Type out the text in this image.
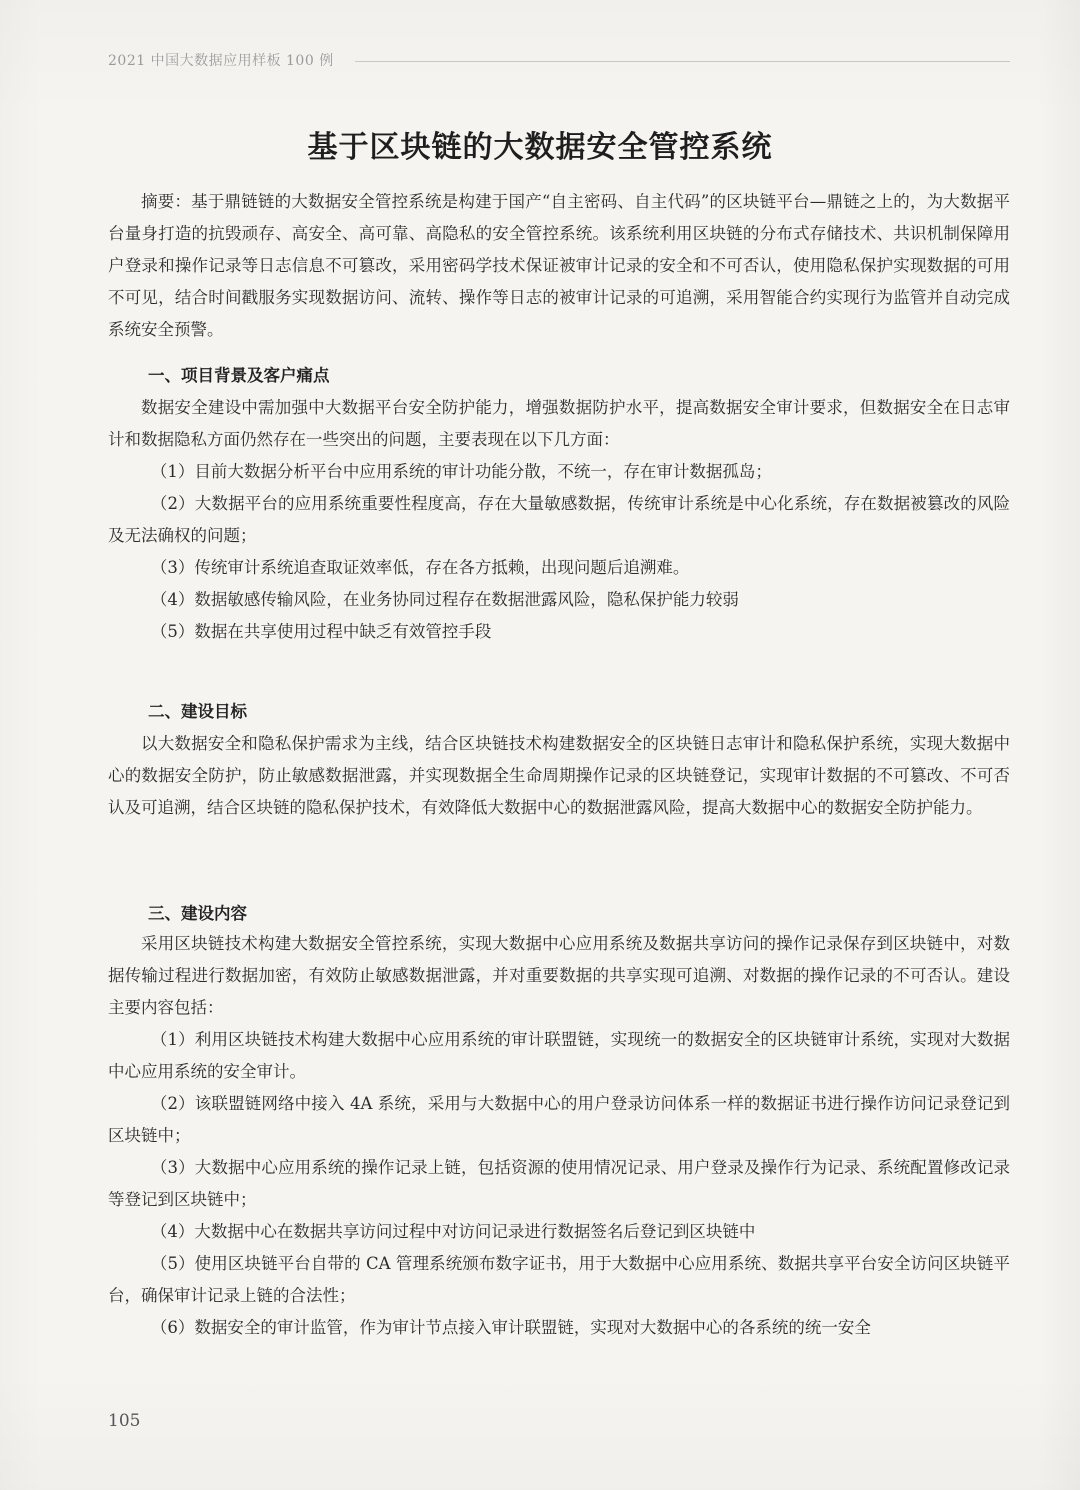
2021 中国大数据应用样板 100 例
基于区块链的大数据安全管控系统

摘要：基于鼎链链的大数据安全管控系统是构建于国产“自主密码、自主代码”的区块链平台—鼎链之上的，为大数据平台量身打造的抗毁顽存、高安全、高可靠、高隐私的安全管控系统。该系统利用区块链的分布式存储技术、共识机制保障用户登录和操作记录等日志信息不可篡改，采用密码学技术保证被审计记录的安全和不可否认，使用隐私保护实现数据的可用不可见，结合时间戳服务实现数据访问、流转、操作等日志的被审计记录的可追溯，采用智能合约实现行为监管并自动完成系统安全预警。

一、项目背景及客户痛点

数据安全建设中需加强中大数据平台安全防护能力，增强数据防护水平，提高数据安全审计要求，但数据安全在日志审计和数据隐私方面仍然存在一些突出的问题，主要表现在以下几方面：

（1）目前大数据分析平台中应用系统的审计功能分散，不统一，存在审计数据孤岛；

（2）大数据平台的应用系统重要性程度高，存在大量敏感数据，传统审计系统是中心化系统，存在数据被篡改的风险及无法确权的问题；

（3）传统审计系统追查取证效率低，存在各方抵赖，出现问题后追溯难。

（4）数据敏感传输风险，在业务协同过程存在数据泄露风险，隐私保护能力较弱

（5）数据在共享使用过程中缺乏有效管控手段

二、建设目标

以大数据安全和隐私保护需求为主线，结合区块链技术构建数据安全的区块链日志审计和隐私保护系统，实现大数据中心的数据安全防护，防止敏感数据泄露，并实现数据全生命周期操作记录的区块链登记，实现审计数据的不可篡改、不可否认及可追溯，结合区块链的隐私保护技术，有效降低大数据中心的数据泄露风险，提高大数据中心的数据安全防护能力。

三、建设内容

采用区块链技术构建大数据安全管控系统，实现大数据中心应用系统及数据共享访问的操作记录保存到区块链中，对数据传输过程进行数据加密，有效防止敏感数据泄露，并对重要数据的共享实现可追溯、对数据的操作记录的不可否认。建设主要内容包括：

（1）利用区块链技术构建大数据中心应用系统的审计联盟链，实现统一的数据安全的区块链审计系统，实现对大数据中心应用系统的安全审计。

（2）该联盟链网络中接入 4A 系统，采用与大数据中心的用户登录访问体系一样的数据证书进行操作访问记录登记到区块链中；

（3）大数据中心应用系统的操作记录上链，包括资源的使用情况记录、用户登录及操作行为记录、系统配置修改记录等登记到区块链中；

（4）大数据中心在数据共享访问过程中对访问记录进行数据签名后登记到区块链中

（5）使用区块链平台自带的 CA 管理系统颁布数字证书，用于大数据中心应用系统、数据共享平台安全访问区块链平台，确保审计记录上链的合法性；

（6）数据安全的审计监管，作为审计节点接入审计联盟链，实现对大数据中心的各系统的统一安全

105
